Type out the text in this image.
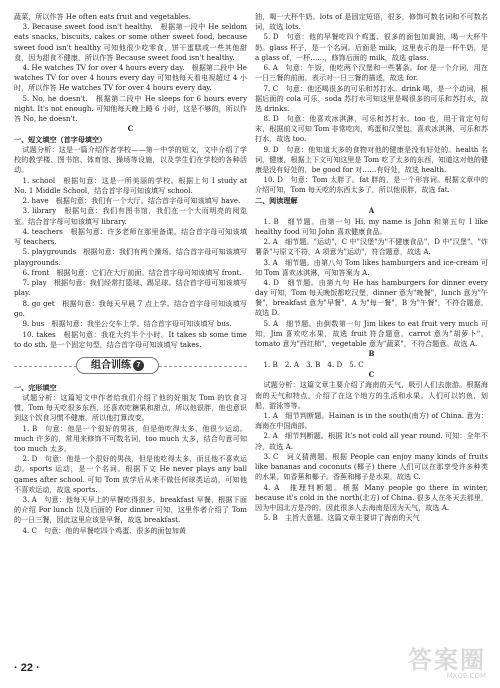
蔬菜，所以作答 He often eats fruit and vegetables.

3. Because sweet food isn't healthy.　根据第一段中 He seldom eats snacks, biscuits, cakes or some other sweet food, because sweet food isn't healthy 可知他很少吃零食，饼干蛋糕或一些其他甜食，因为甜食不健康，所以作答 Because sweet food isn't healthy.

4. He watches TV for over 4 hours every day.　根据第二段中 He watches TV for over 4 hours every day 可知他每天看电视超过 4 小时，所以作答 He watches TV for over 4 hours every day.

5. No, he doesn't.　根据第二段中 He sleeps for 6 hours every night. It's not enough. 可知他每天晚上睡 6 小时，这是不够的，所以作答 No, he doesn't.

C

一、短文填空（首字母填空）

试题分析：这是一篇介绍作者学校——第一中学的短文，文中介绍了学校的教学楼、图书馆、体育馆、操场等设施，以及学生们在学校的各种活动。

1. school　根据句意：这是一所美丽的学校。根据上句 I study at No. 1 Middle School，结合首字母可知该填写 school.

2. have　根据句意：我们有一个大厅。结合首字母可知该填写 have.

3. library　根据句意：我们有图书馆，我们在一个大而明亮的阅览室。结合首字母可知该填写 library.

4. teachers　根据句意：许多老师在那里备课。结合首字母可知该填写 teachers.

5. playgrounds　根据句意：我们有两个操场。结合首字母可知该填写 playgrounds.

6. front　根据句意：它们在大厅前面。结合首字母可知该填写 front.

7. play　根据句意：我们经常打篮球、踢足球。结合首字母可知该填写 play.

8. go get　根据句意：我每天早晨 7 点上学。结合首字母可知该填写 go.

9. bus　根据句意：我坐公交车上学。结合首字母可知该填写 bus.

10. takes　根据句意：我花大约半个小时。It takes sb some time to do sth. 是一个固定句型，结合首字母可知该填写 takes.

组合训练 7

一、完形填空

试题分析：这篇短文中作者给我们介绍了他的好朋友 Tom 的饮食习惯，Tom 每天吃很多东西，还喜欢吃糖果和甜点，所以他很胖，他也意识到这个饮食习惯不健康，所以他打算改变。

1. B　句意：他是一个很好的男孩，但是他吃得太多，他很少运动。much 许多的，常用来修饰不可数名词，too much 太多，结合句意可知 too much 太多。

2. D　句意：他是一个很好的男孩，但是他吃得太多，而且他不喜欢运动。sports 运动，是一个名词。根据下文 He never plays any ball games after school. 可知 Tom 放学后从来不做任何球类运动，可知他不喜欢运动，故选 sports.

3. A　句意：他每天早上的早餐吃得很多。breakfast 早餐，根据下面的介绍 For lunch 以及后面的 For dinner 可知，这里作者介绍了 Tom 的一日三餐，因此这里应该是早餐，故选 breakfast.

4. C　句意：他的早餐吃四个鸡蛋、很多的面包加黄

油，喝一大杯牛奶。lots of 是固定短语，很多，修饰可数名词和不可数名词，故选 lots.

5. D　句意：他的早餐吃四个鸡蛋、很多的面包加黄油，喝一大杯牛奶。glass 杯子，是一个名词。后面是 milk，这里表示的是一杯牛奶，是 a glass of，一杯……，修饰后面的 milk，故选 glass.

6. A　句意：午饭，他吃两个汉堡和一些薯条。for 是一个介词，用在一日三餐的前面，表示对一日三餐的描述，故选 for.

7. C　句意：他还喝很多的可乐和苏打水。drink 喝，是一个动词，根据后面的 cola 可乐，soda 苏打水可知这里是喝很多的可乐和苏打水，故选 drinks.

8. D　句意：他喜欢冰淇淋，可乐和苏打水。too 也，用于肯定句句末，根据前文可知 Tom 非常吃肉，鸡蛋和汉堡包，喜欢冰淇淋，可乐和苏打水，故选 too.

9. D　句意：他知道太多的食物对他的健康是没有好处的。health 名词，健康，根据上下文可知这里是 Tom 吃了太多的东西，知道这对他的健康是没有好处的，be good for 对……有好处，故选 health.

10. D　句意：Tom 太胖了。fat 胖的，是一个形容词。根据文章中的介绍可知，Tom 每天吃的东西太多了，所以他很胖，故选 fat.

二、阅读理解

A

1. B　细节题。由第一句 Hi, my name is John 和第五句 I like healthy food 可知 John 喜欢健康食品。

2. A　细节题。"运动"，C 中"汉堡"为"不健康食品"，D 中"汉堡"、"炸薯条"与原文不符，A 项意为"运动"，符合题意，故选 A.

3. A　细节题。由第八句 Tom likes hamburgers and ice-cream 可知 Tom 喜欢冰淇淋，可知答案为 A.

4. D　细节题。由第九句 He has hamburgers for dinner every day 可知，Tom 每天晚饭都吃汉堡，dinner 意为"晚餐"，lunch 意为"午餐"，breakfast 意为"早餐"，A 为"每一餐"，B 为"午餐"，不符合题意，故选 D.

5. A　细节题。由倒数第一句 Jim likes to eat fruit very much 可知，Jim 喜欢吃水果，故选 fruit 符合题意，carrot 意为"胡萝卜"，tomato 意为"西红柿"，vegetable 意为"蔬菜"，不符合题意。故选 A.

B

1. B　2. A　3. B　4. D　5. C

C

试题分析：这篇文章主要介绍了海南的天气，吸引人们去旅游。根据海南的天气和特点，介绍了在这个地方的生活和水果。人们可以钓鱼，划船，游泳等等。

1. A　细节判断题。Hainan is in the south(南方) of China. 意为：海南在中国南部。

2. A　细节判断题。根据 It's not cold all year round. 可知：全年不冷，故选 A.

3. C　词义猜测题。根据 People can enjoy many kinds of fruits like bananas and coconuts (椰子) there 人们可以在那享受许多种类的水果，如香蕉和椰子。香蕉和椰子是水果，故选 C.

4. A　推理判断题。根据 Many people go there in winter, because it's cold in the north(北方) of China. 很多人在冬天去那里，因为中国北方是冷的。因此很多人去海南是因为天气，故选 A.

5. B　主旨大意题。这篇文章主要讲了海南的天气

· 22 ·	答案圈
MXQE.COM
